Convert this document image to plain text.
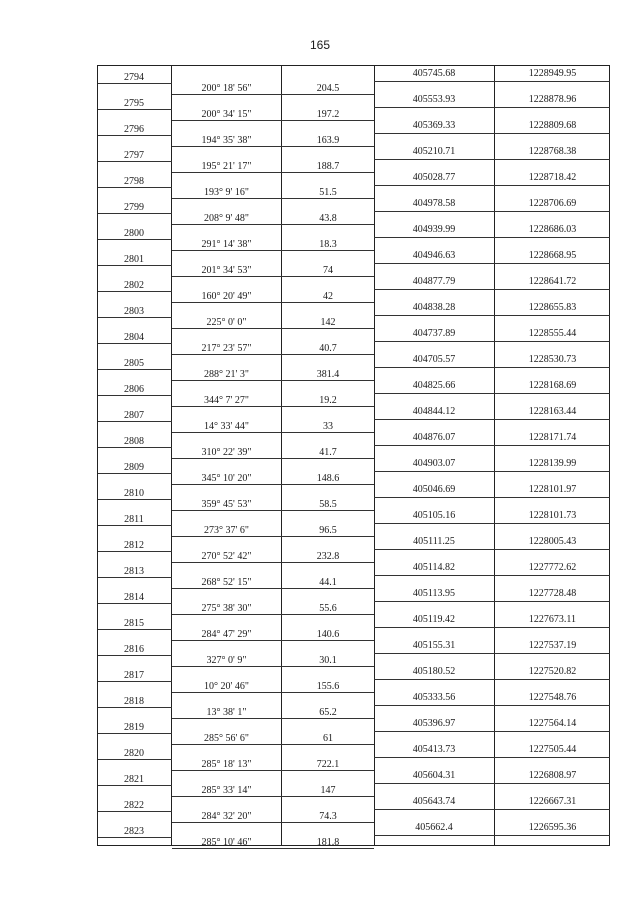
165
2794	405745.68	1228949.95
200° 18' 56"	204.5
2795	405553.93	1228878.96
200° 34' 15"	197.2
2796	405369.33	1228809.68
194° 35' 38"	163.9
2797	405210.71	1228768.38
195° 21' 17"	188.7
2798	405028.77	1228718.42
193° 9' 16"	51.5
2799	404978.58	1228706.69
208° 9' 48"	43.8
2800	404939.99	1228686.03
291° 14' 38"	18.3
2801	404946.63	1228668.95
201° 34' 53"	74
2802	404877.79	1228641.72
160° 20' 49"	42
2803	404838.28	1228655.83
225° 0' 0"	142
2804	404737.89	1228555.44
217° 23' 57"	40.7
2805	404705.57	1228530.73
288° 21' 3"	381.4
2806	404825.66	1228168.69
344° 7' 27"	19.2
2807	404844.12	1228163.44
14° 33' 44"	33
2808	404876.07	1228171.74
310° 22' 39"	41.7
2809	404903.07	1228139.99
345° 10' 20"	148.6
2810	405046.69	1228101.97
359° 45' 53"	58.5
2811	405105.16	1228101.73
273° 37' 6"	96.5
2812	405111.25	1228005.43
270° 52' 42"	232.8
2813	405114.82	1227772.62
268° 52' 15"	44.1
2814	405113.95	1227728.48
275° 38' 30"	55.6
2815	405119.42	1227673.11
284° 47' 29"	140.6
2816	405155.31	1227537.19
327° 0' 9"	30.1
2817	405180.52	1227520.82
10° 20' 46"	155.6
2818	405333.56	1227548.76
13° 38' 1"	65.2
2819	405396.97	1227564.14
285° 56' 6"	61
2820	405413.73	1227505.44
285° 18' 13"	722.1
2821	405604.31	1226808.97
285° 33' 14"	147
2822	405643.74	1226667.31
284° 32' 20"	74.3
2823	405662.4	1226595.36
285° 10' 46"	181.8
